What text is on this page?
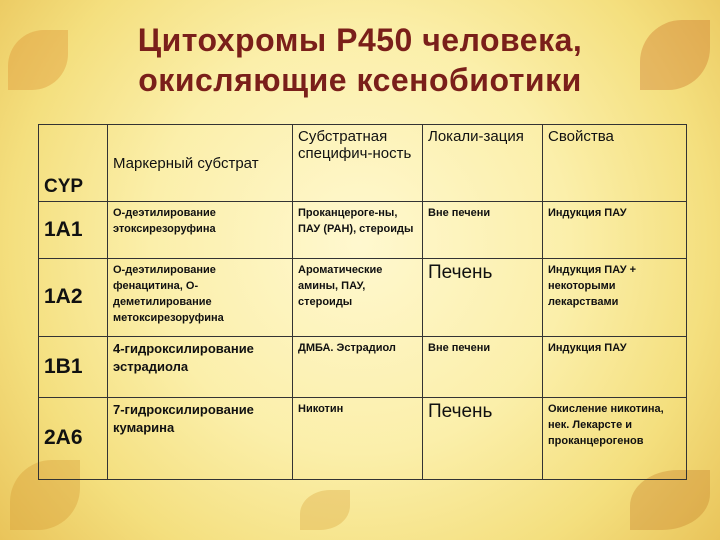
Цитохромы Р450 человека,
окисляющие ксенобиотики
CYP	Маркерный субстрат	Субстратная специфич-ность	Локали-зация	Свойства
1A1	О-деэтилирование этоксирезоруфина	Проканцероге-ны, ПАУ (PAH), стероиды	Вне печени	Индукция ПАУ
1A2	О-деэтилирование фенацитина, О-деметилирование метоксирезоруфина	Ароматические амины, ПАУ, стероиды	Печень	Индукция ПАУ + некоторыми лекарствами
1B1	4-гидроксилирование эстрадиола	ДМБА. Эстрадиол	Вне печени	Индукция ПАУ
2A6	7-гидроксилирование кумарина	Никотин	Печень	Окисление никотина, нек. Лекарсте и проканцерогенов
